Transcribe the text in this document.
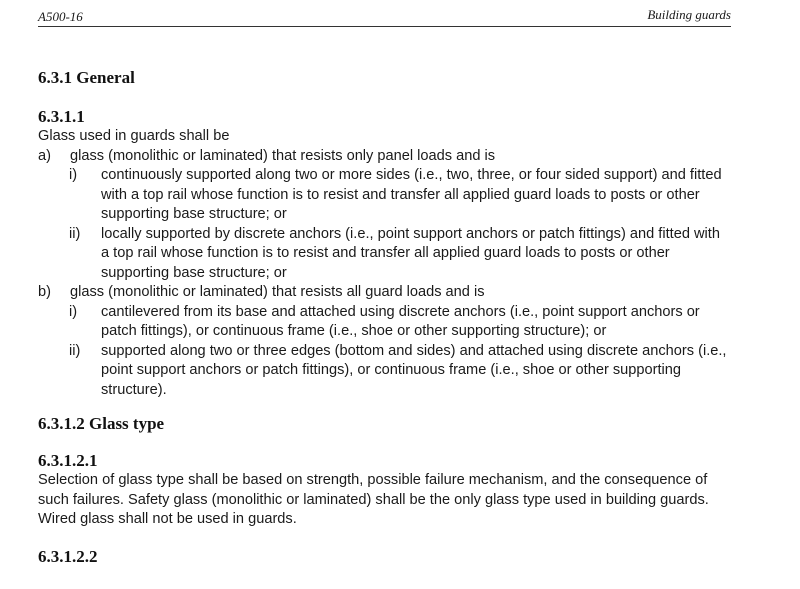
A500-16	Building guards
6.3.1 General
6.3.1.1

Glass used in guards shall be

a) glass (monolithic or laminated) that resists only panel loads and is
i) continuously supported along two or more sides (i.e., two, three, or four sided support) and fitted with a top rail whose function is to resist and transfer all applied guard loads to posts or other supporting base structure; or
ii) locally supported by discrete anchors (i.e., point support anchors or patch fittings) and fitted with a top rail whose function is to resist and transfer all applied guard loads to posts or other supporting base structure; or
b) glass (monolithic or laminated) that resists all guard loads and is
i) cantilevered from its base and attached using discrete anchors (i.e., point support anchors or patch fittings), or continuous frame (i.e., shoe or other supporting structure); or
ii) supported along two or three edges (bottom and sides) and attached using discrete anchors (i.e., point support anchors or patch fittings), or continuous frame (i.e., shoe or other supporting structure).
6.3.1.2 Glass type
6.3.1.2.1

Selection of glass type shall be based on strength, possible failure mechanism, and the consequence of such failures. Safety glass (monolithic or laminated) shall be the only glass type used in building guards. Wired glass shall not be used in guards.

6.3.1.2.2
